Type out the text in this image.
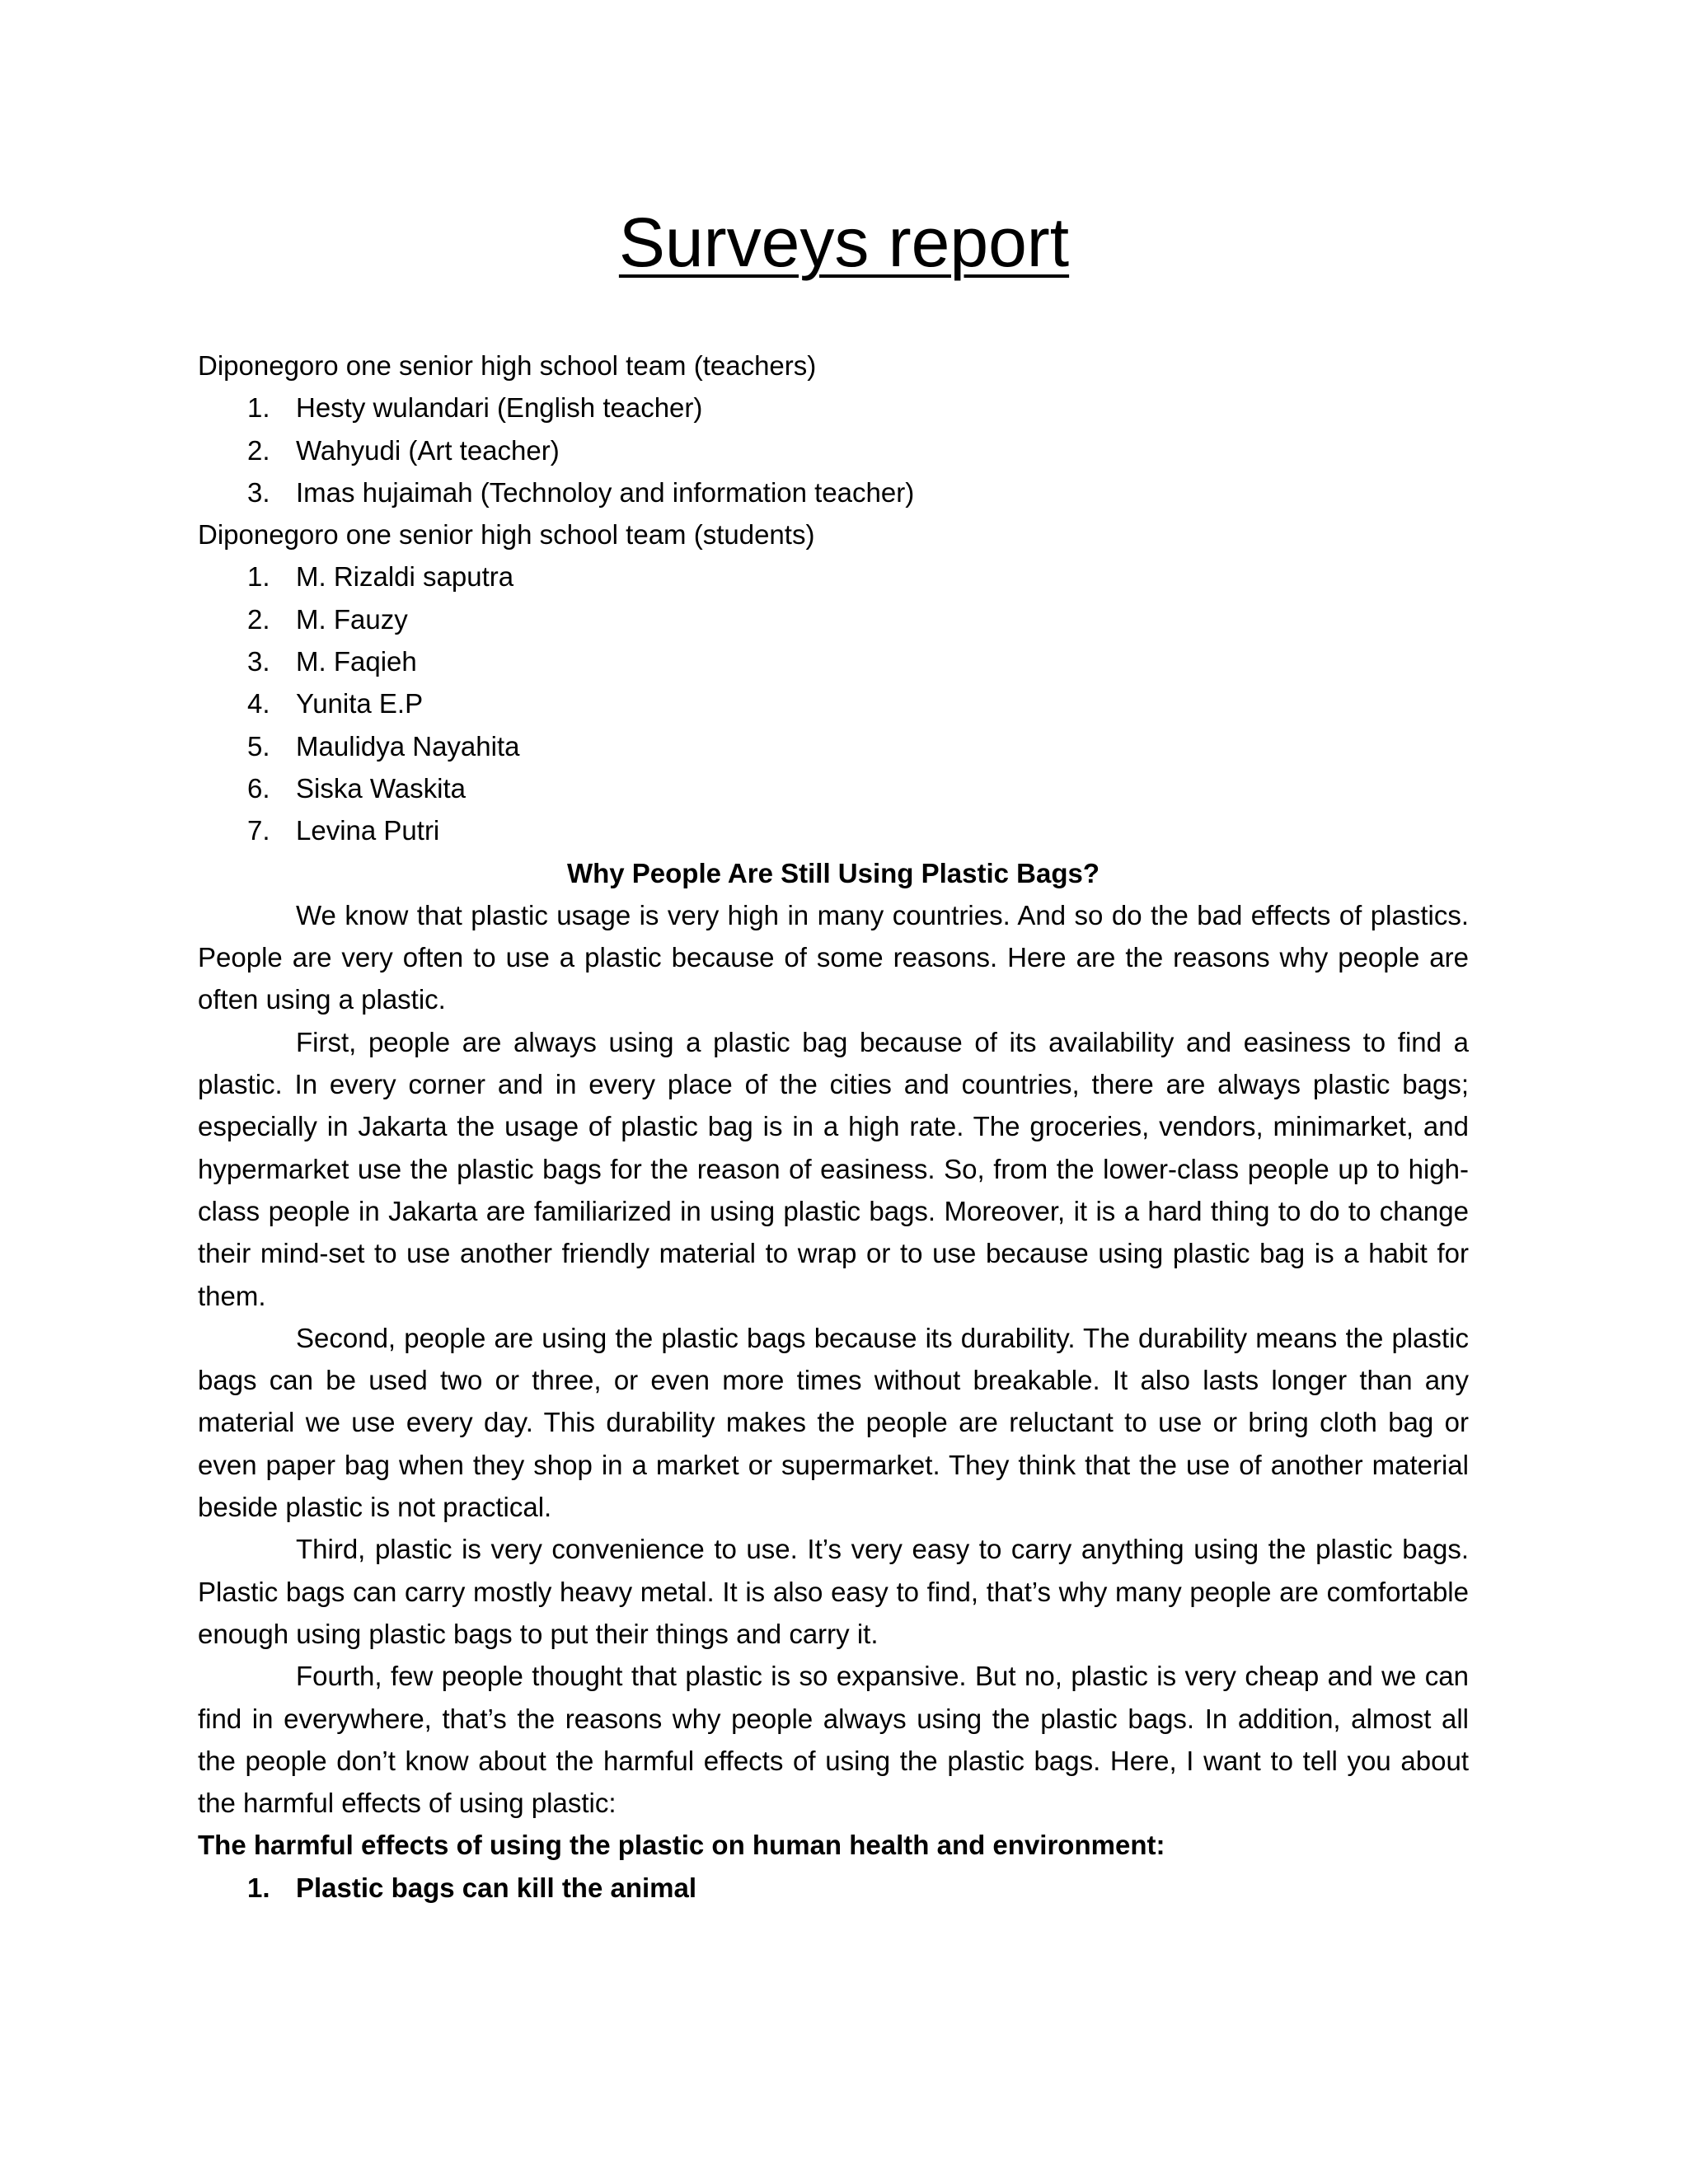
Surveys report

Diponegoro one senior high school team (teachers)

1. Hesty wulandari (English teacher)
2. Wahyudi (Art teacher)
3. Imas hujaimah (Technoloy and information teacher)

Diponegoro one senior high school team (students)

1. M. Rizaldi saputra
2. M. Fauzy
3. M. Faqieh
4. Yunita E.P
5. Maulidya Nayahita
6. Siska Waskita
7. Levina Putri

Why People Are Still Using Plastic Bags?

We know that plastic usage is very high in many countries. And so do the bad effects of plastics. People are very often to use a plastic because of some reasons. Here are the reasons why people are often using a plastic.

First, people are always using a plastic bag because of its availability and easiness to find a plastic. In every corner and in every place of the cities and countries, there are always plastic bags; especially in Jakarta the usage of plastic bag is in a high rate. The groceries, vendors, minimarket, and hypermarket use the plastic bags for the reason of easiness. So, from the lower-class people up to high-class people in Jakarta are familiarized in using plastic bags. Moreover, it is a hard thing to do to change their mind-set to use another friendly material to wrap or to use because using plastic bag is a habit for them.

Second, people are using the plastic bags because its durability. The durability means the plastic bags can be used two or three, or even more times without breakable. It also lasts longer than any material we use every day. This durability makes the people are reluctant to use or bring cloth bag or even paper bag when they shop in a market or supermarket. They think that the use of another material beside plastic is not practical.

Third, plastic is very convenience to use. It’s very easy to carry anything using the plastic bags. Plastic bags can carry mostly heavy metal. It is also easy to find, that’s why many people are comfortable enough using plastic bags to put their things and carry it.

Fourth, few people thought that plastic is so expansive. But no, plastic is very cheap and we can find in everywhere, that’s the reasons why people always using the plastic bags. In addition, almost all the people don’t know about the harmful effects of using the plastic bags. Here, I want to tell you about the harmful effects of using plastic:

The harmful effects of using the plastic on human health and environment:

1. Plastic bags can kill the animal
